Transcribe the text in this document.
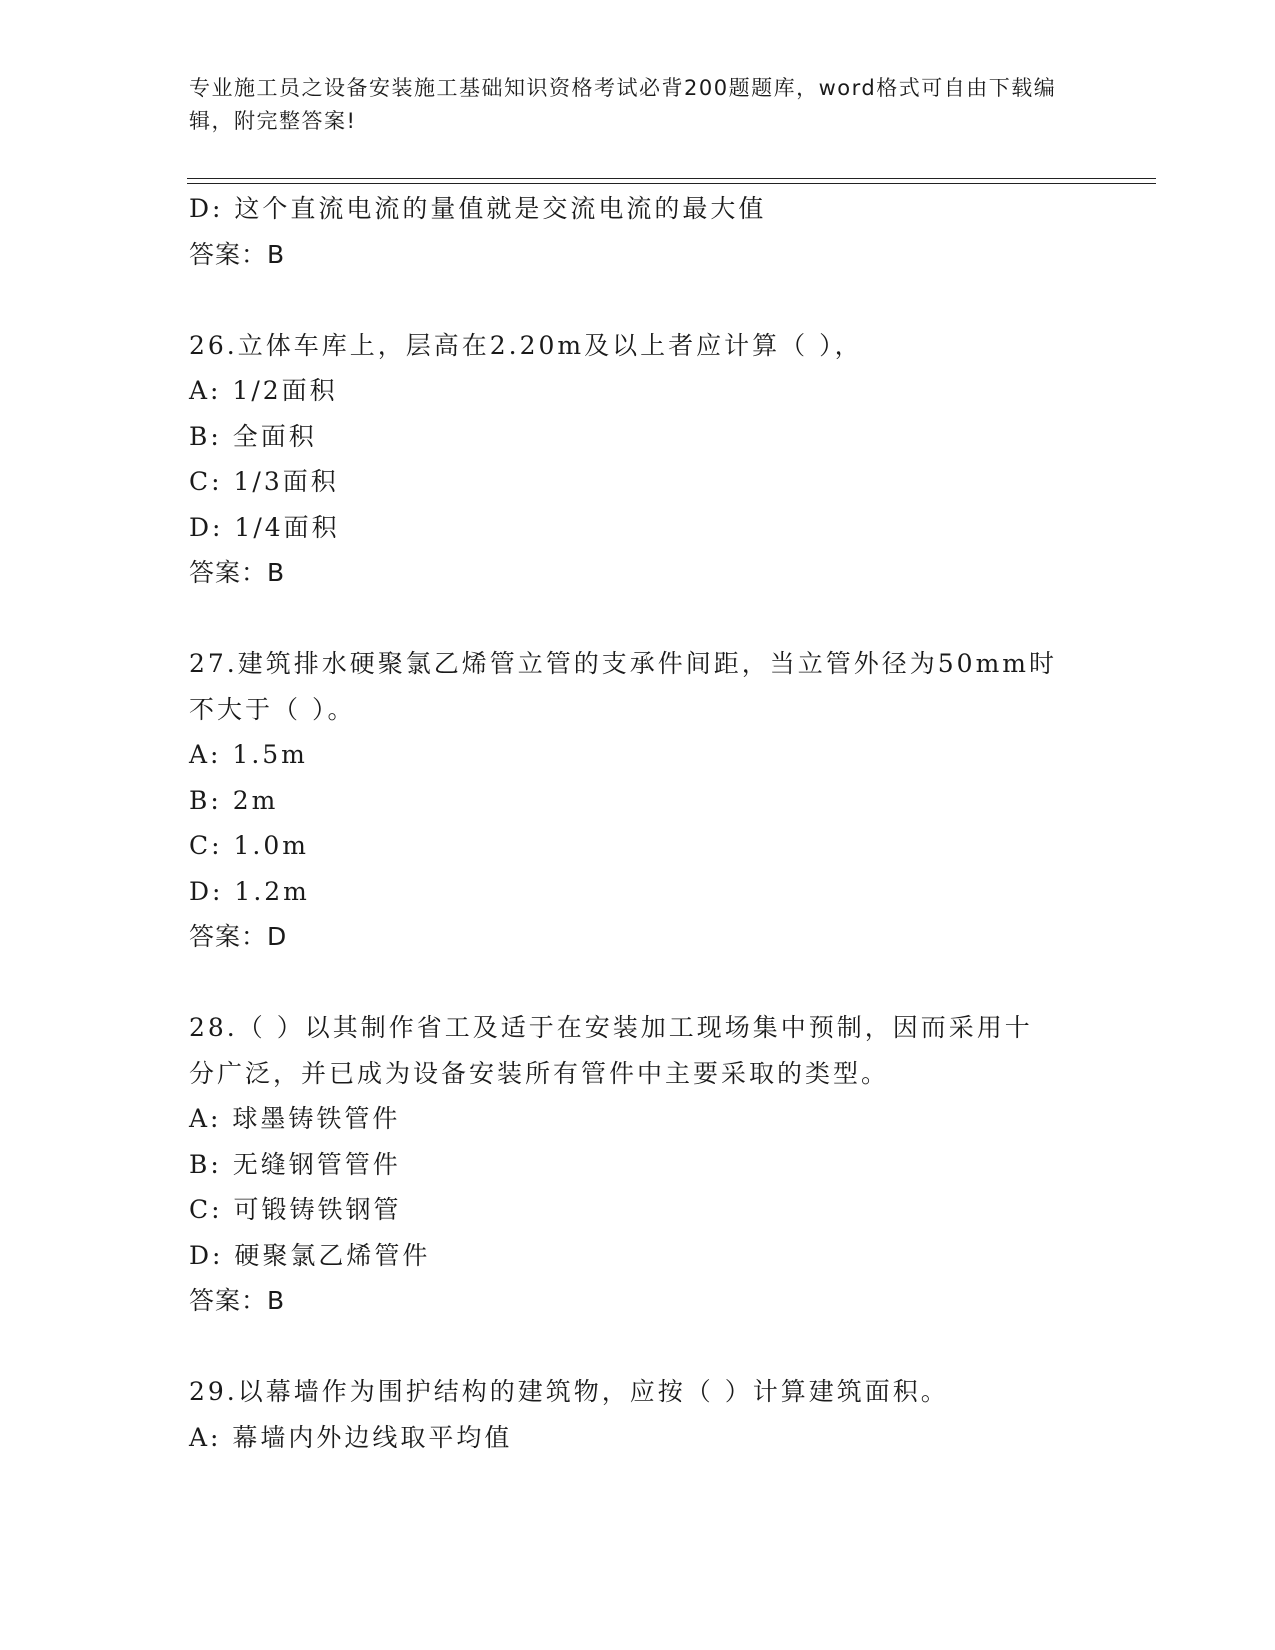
专业施工员之设备安装施工基础知识资格考试必背200题题库，word格式可自由下载编辑，附完整答案!
D: 这个直流电流的量值就是交流电流的最大值
答案：B
26.立体车库上，层高在2.20m及以上者应计算（ ），
A: 1/2面积
B: 全面积
C: 1/3面积
D: 1/4面积
答案：B
27.建筑排水硬聚氯乙烯管立管的支承件间距，当立管外径为50mm时
不大于（ ）。
A: 1.5m
B: 2m
C: 1.0m
D: 1.2m
答案：D
28.（ ）以其制作省工及适于在安装加工现场集中预制，因而采用十
分广泛，并已成为设备安装所有管件中主要采取的类型。
A: 球墨铸铁管件
B: 无缝钢管管件
C: 可锻铸铁钢管
D: 硬聚氯乙烯管件
答案：B
29.以幕墙作为围护结构的建筑物，应按（ ）计算建筑面积。
A: 幕墙内外边线取平均值
